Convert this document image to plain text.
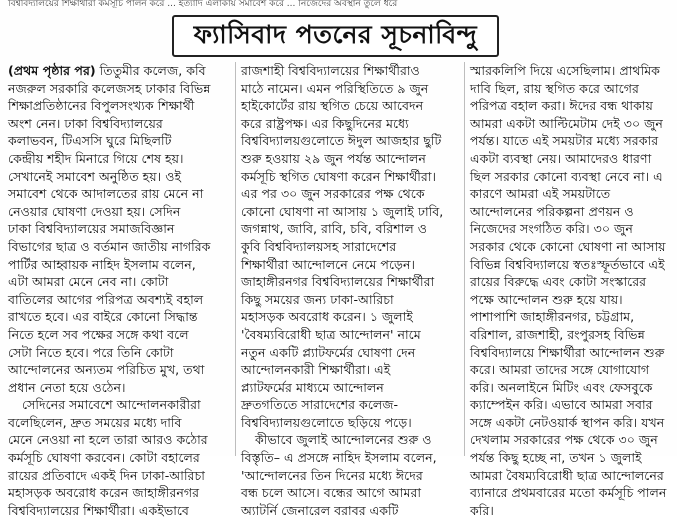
বিশ্ববিদ্যালয়ের শিক্ষার্থীরা কর্মসূচি পালন করে ... ইত্যাদি এলাকায় সমাবেশ করে ... নিজেদের অবস্থান তুলে ধরে
ফ্যাসিবাদ পতনের সূচনাবিন্দু
(প্রথম পৃষ্ঠার পর) তিতুমীর কলেজ, কবি
নজরুল সরকারি কলেজসহ ঢাকার বিভিন্ন
শিক্ষাপ্রতিষ্ঠানের বিপুলসংখ্যক শিক্ষার্থী
অংশ নেন। ঢাকা বিশ্ববিদ্যালয়ের
কলাভবন, টিএসসি ঘুরে মিছিলটি
কেন্দ্রীয় শহীদ মিনারে গিয়ে শেষ হয়।
সেখানেই সমাবেশ অনুষ্ঠিত হয়। ওই
সমাবেশ থেকে আদালতের রায় মেনে না
নেওয়ার ঘোষণা দেওয়া হয়। সেদিন
ঢাকা বিশ্ববিদ্যালয়ের সমাজবিজ্ঞান
বিভাগের ছাত্র ও বর্তমান জাতীয় নাগরিক
পার্টির আহ্বায়ক নাহিদ ইসলাম বলেন,
এটা আমরা মেনে নেব না। কোটা
বাতিলের আগের পরিপত্র অবশ্যই বহাল
রাখতে হবে। এর বাইরে কোনো সিদ্ধান্ত
নিতে হলে সব পক্ষের সঙ্গে কথা বলে
সেটা নিতে হবে। পরে তিনি কোটা
আন্দোলনের অন্যতম পরিচিত মুখ, তথা
প্রধান নেতা হয়ে ওঠেন।
সেদিনের সমাবেশে আন্দোলনকারীরা
বলেছিলেন, দ্রুত সময়ের মধ্যে দাবি
মেনে নেওয়া না হলে তারা আরও কঠোর
কর্মসূচি ঘোষণা করবেন। কোটা বহালের
রায়ের প্রতিবাদে একই দিন ঢাকা-আরিচা
মহাসড়ক অবরোধ করেন জাহাঙ্গীরনগর
বিশ্ববিদ্যালয়ের শিক্ষার্থীরা। একইভাবে
রাজশাহী বিশ্ববিদ্যালয়ের শিক্ষার্থীরাও
মাঠে নামেন। এমন পরিস্থিতিতে ৯ জুন
হাইকোর্টের রায় স্থগিত চেয়ে আবেদন
করে রাষ্ট্রপক্ষ। এর কিছুদিনের মধ্যে
বিশ্ববিদ্যালয়গুলোতে ঈদুল আজহার ছুটি
শুরু হওয়ায় ২৯ জুন পর্যন্ত আন্দোলন
কর্মসূচি স্থগিত ঘোষণা করেন শিক্ষার্থীরা।
এর পর ৩০ জুন সরকারের পক্ষ থেকে
কোনো ঘোষণা না আসায় ১ জুলাই ঢাবি,
জগন্নাথ, জাবি, রাবি, চবি, বরিশাল ও
কুবি বিশ্ববিদ্যালয়সহ সারাদেশের
শিক্ষার্থীরা আন্দোলনে নেমে পড়েন।
জাহাঙ্গীরনগর বিশ্ববিদ্যালয়ের শিক্ষার্থীরা
কিছু সময়ের জন্য ঢাকা-আরিচা
মহাসড়ক অবরোধ করেন। ১ জুলাই
'বৈষম্যবিরোধী ছাত্র আন্দোলন' নামে
নতুন একটি প্ল্যাটফর্মের ঘোষণা দেন
আন্দোলনকারী শিক্ষার্থীরা। এই
প্ল্যাটফর্মের মাধ্যমে আন্দোলন
দ্রুতগতিতে সারাদেশের কলেজ-
বিশ্ববিদ্যালয়গুলোতে ছড়িয়ে পড়ে।
কীভাবে জুলাই আন্দোলনের শুরু ও
বিস্তৃতি– এ প্রসঙ্গে নাহিদ ইসলাম বলেন,
'আন্দোলনের তিন দিনের মধ্যে ঈদের
বন্ধ চলে আসে। বন্ধের আগে আমরা
অ্যাটর্নি জেনারেল বরাবর একটি
স্মারকলিপি দিয়ে এসেছিলাম। প্রাথমিক
দাবি ছিল, রায় স্থগিত করে আগের
পরিপত্র বহাল করা। ঈদের বন্ধ থাকায়
আমরা একটা আল্টিমেটাম দেই ৩০ জুন
পর্যন্ত। যাতে এই সময়টার মধ্যে সরকার
একটা ব্যবস্থা নেয়। আমাদেরও ধারণা
ছিল সরকার কোনো ব্যবস্থা নেবে না। এ
কারণে আমরা এই সময়টাতে
আন্দোলনের পরিকল্পনা প্রণয়ন ও
নিজেদের সংগঠিত করি। ৩০ জুন
সরকার থেকে কোনো ঘোষণা না আসায়
বিভিন্ন বিশ্ববিদ্যালয়ে স্বতঃস্ফূর্তভাবে এই
রায়ের বিরুদ্ধে এবং কোটা সংস্কারের
পক্ষে আন্দোলন শুরু হয়ে যায়।
পাশাপাশি জাহাঙ্গীরনগর, চট্টগ্রাম,
বরিশাল, রাজশাহী, রংপুরসহ বিভিন্ন
বিশ্ববিদ্যালয়ে শিক্ষার্থীরা আন্দোলন শুরু
করে। আমরা তাদের সঙ্গে যোগাযোগ
করি। অনলাইনে মিটিং এবং ফেসবুকে
ক্যাম্পেইন করি। এভাবে আমরা সবার
সঙ্গে একটা নেটওয়ার্ক স্থাপন করি। যখন
দেখলাম সরকারের পক্ষ থেকে ৩০ জুন
পর্যন্ত কিছু হচ্ছে না, তখন ১ জুলাই
আমরা বৈষম্যবিরোধী ছাত্র আন্দোলনের
ব্যানারে প্রথমবারের মতো কর্মসূচি পালন
করি।
